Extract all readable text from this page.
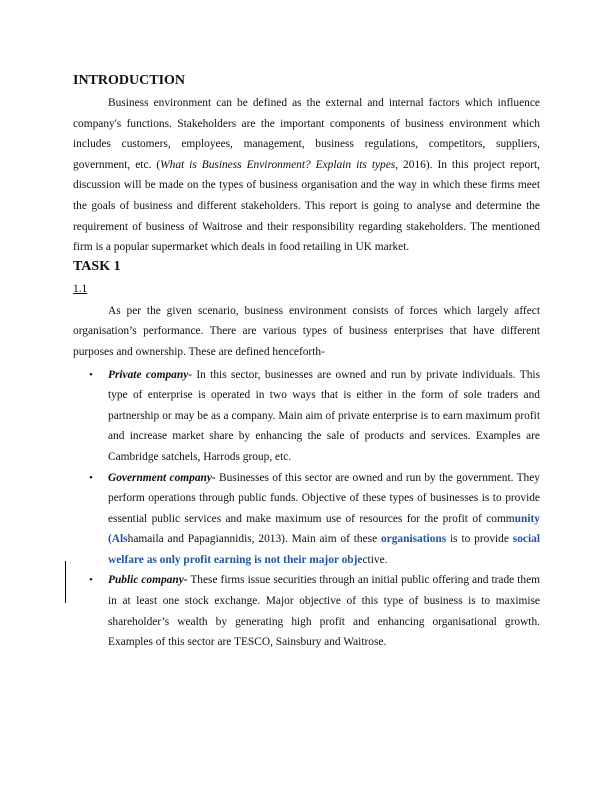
INTRODUCTION

Business environment can be defined as the external and internal factors which influence company's functions. Stakeholders are the important components of business environment which includes customers, employees, management, business regulations, competitors, suppliers, government, etc. (What is Business Environment? Explain its types, 2016). In this project report, discussion will be made on the types of business organisation and the way in which these firms meet the goals of business and different stakeholders. This report is going to analyse and determine the requirement of business of Waitrose and their responsibility regarding stakeholders. The mentioned firm is a popular supermarket which deals in food retailing in UK market.

TASK 1
1.1

As per the given scenario, business environment consists of forces which largely affect organisation’s performance. There are various types of business enterprises that have different purposes and ownership. These are defined henceforth-

• Private company- In this sector, businesses are owned and run by private individuals. This type of enterprise is operated in two ways that is either in the form of sole traders and partnership or may be as a company. Main aim of private enterprise is to earn maximum profit and increase market share by enhancing the sale of products and services. Examples are Cambridge satchels, Harrods group, etc.
• Government company- Businesses of this sector are owned and run by the government. They perform operations through public funds. Objective of these types of businesses is to provide essential public services and make maximum use of resources for the profit of community (Alshamaila and Papagiannidis, 2013). Main aim of these organisations is to provide social welfare as only profit earning is not their major objective.
• Public company- These firms issue securities through an initial public offering and trade them in at least one stock exchange. Major objective of this type of business is to maximise shareholder’s wealth by generating high profit and enhancing organisational growth. Examples of this sector are TESCO, Sainsbury and Waitrose.
